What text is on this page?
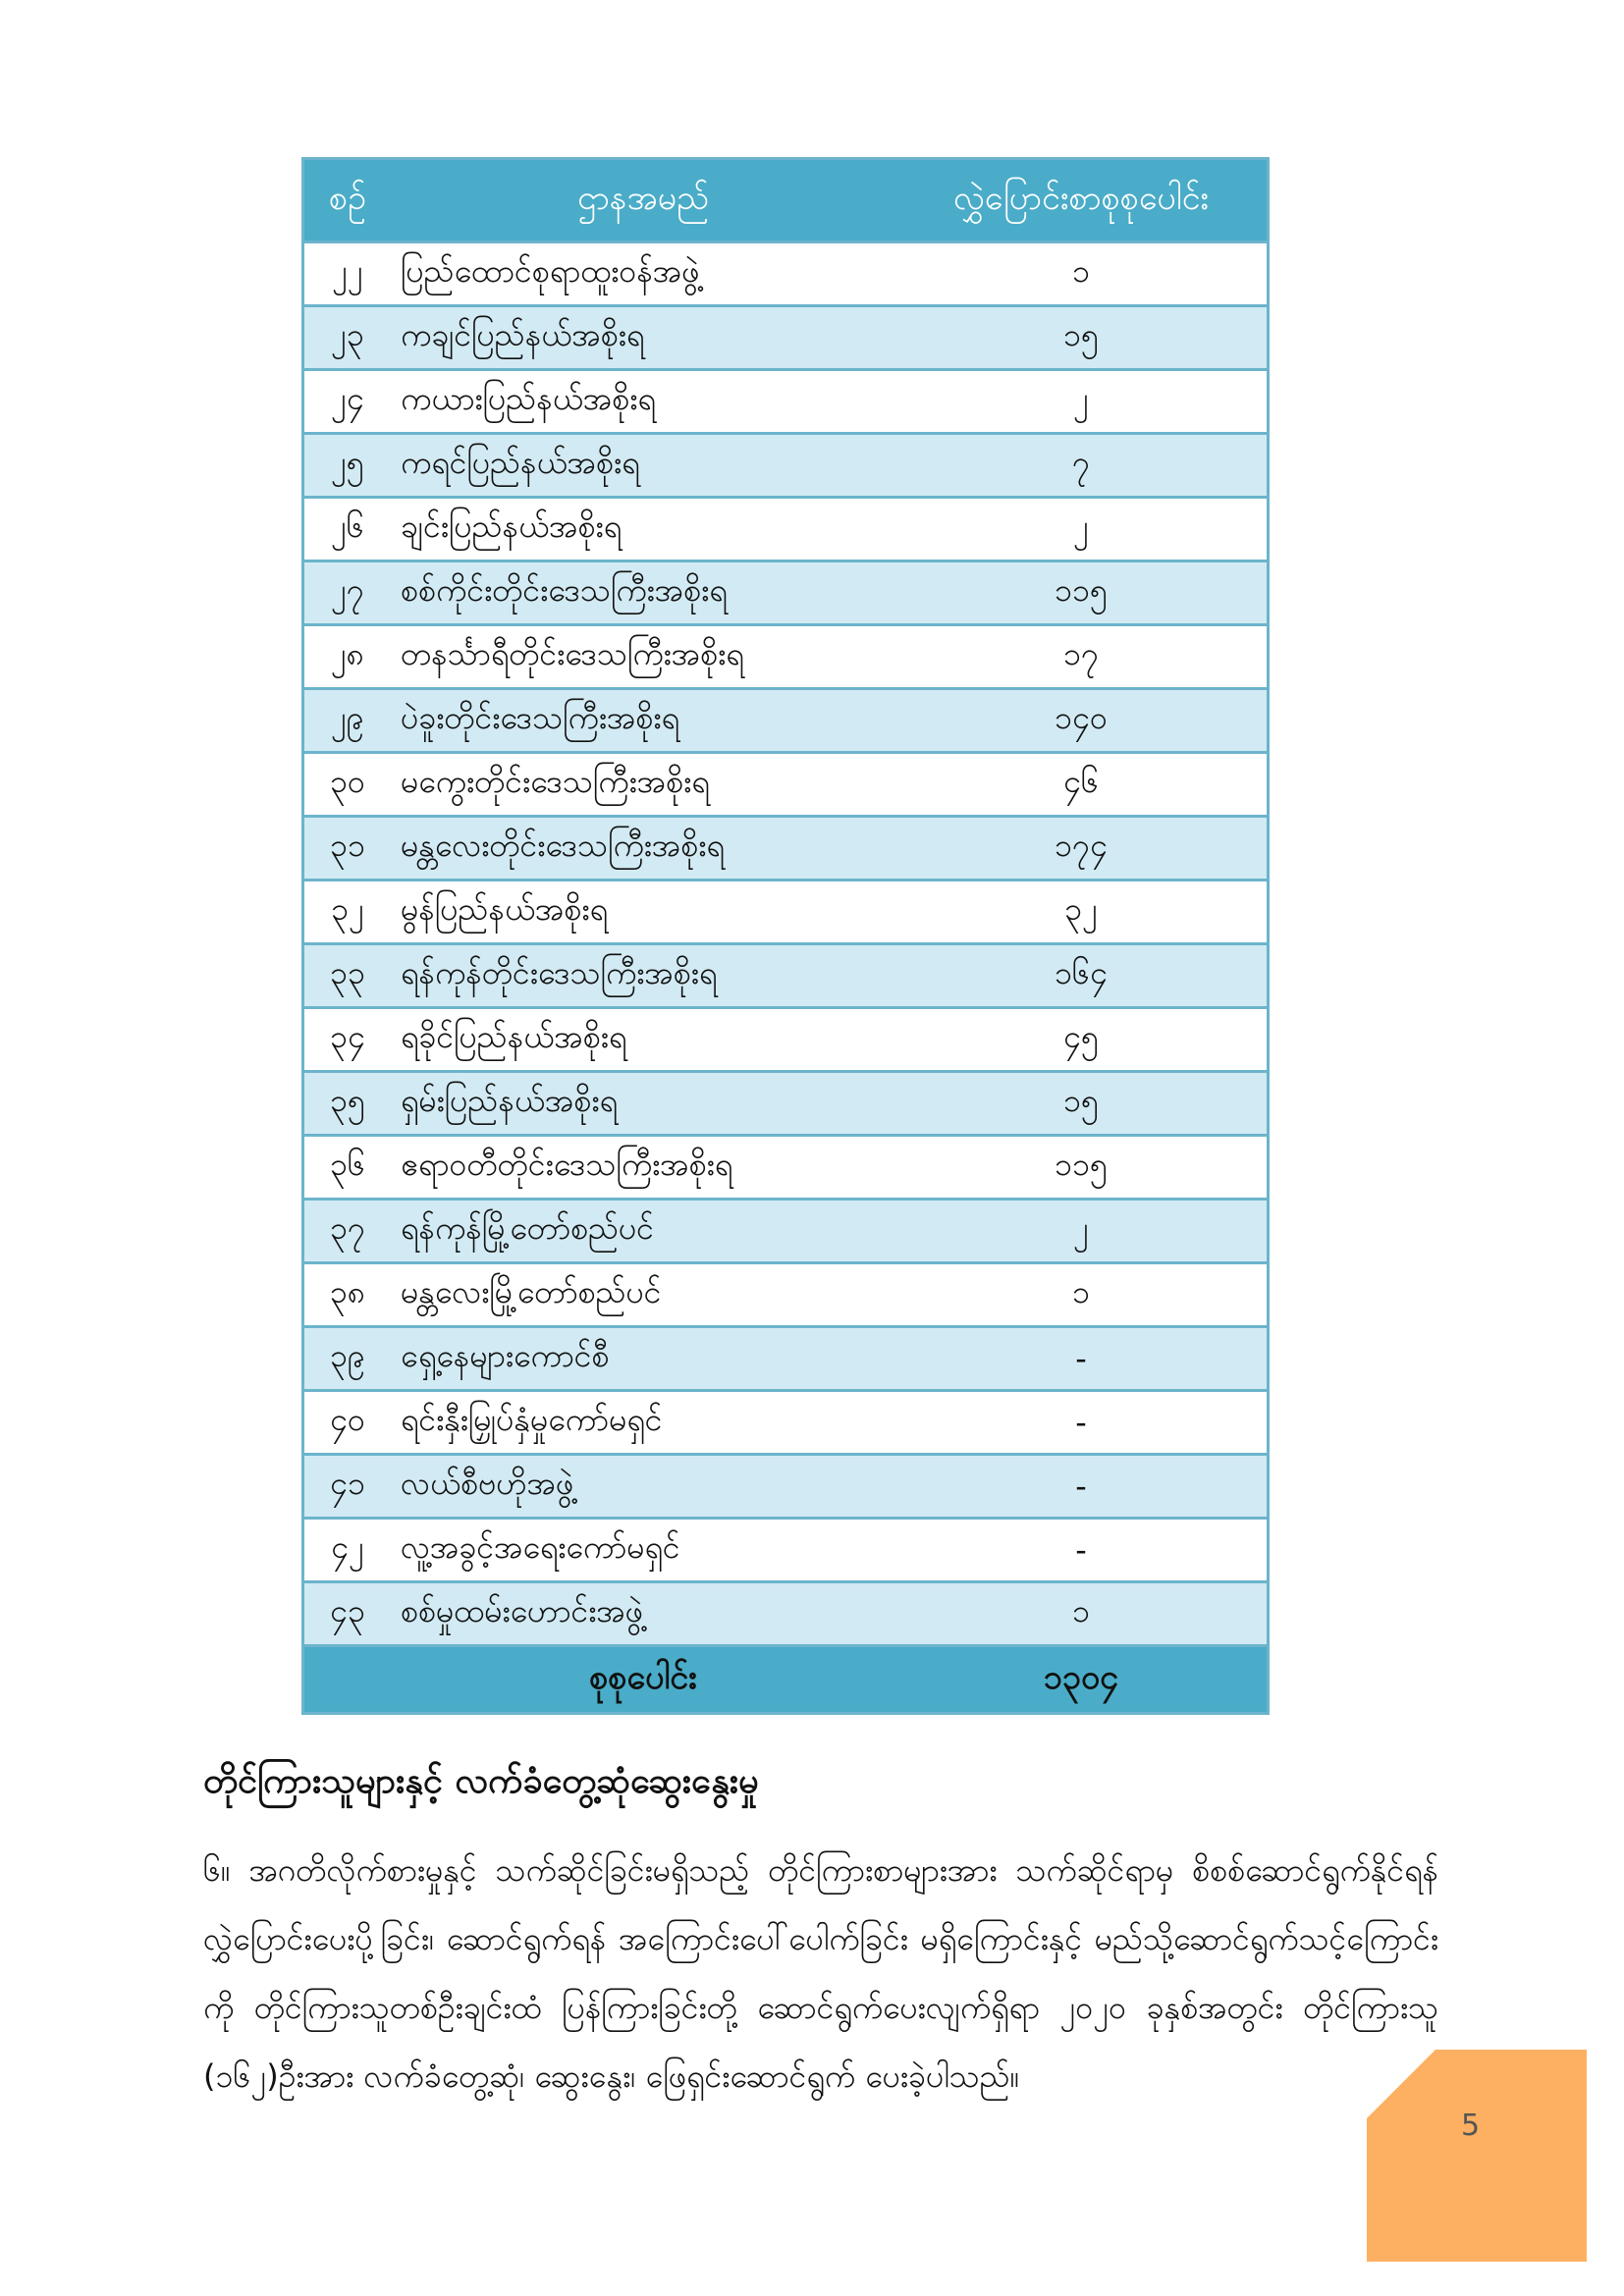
စဉ်	ဌာနအမည်	လွှဲပြောင်းစာစုစုပေါင်း
၂၂	ပြည်ထောင်စုရာထူးဝန်အဖွဲ့	၁
၂၃	ကချင်ပြည်နယ်အစိုးရ	၁၅
၂၄	ကယားပြည်နယ်အစိုးရ	၂
၂၅	ကရင်ပြည်နယ်အစိုးရ	၇
၂၆	ချင်းပြည်နယ်အစိုးရ	၂
၂၇	စစ်ကိုင်းတိုင်းဒေသကြီးအစိုးရ	၁၁၅
၂၈	တနင်္သာရီတိုင်းဒေသကြီးအစိုးရ	၁၇
၂၉	ပဲခူးတိုင်းဒေသကြီးအစိုးရ	၁၄၀
၃၀	မကွေးတိုင်းဒေသကြီးအစိုးရ	၄၆
၃၁	မန္တလေးတိုင်းဒေသကြီးအစိုးရ	၁၇၄
၃၂	မွန်ပြည်နယ်အစိုးရ	၃၂
၃၃	ရန်ကုန်တိုင်းဒေသကြီးအစိုးရ	၁၆၄
၃၄	ရခိုင်ပြည်နယ်အစိုးရ	၄၅
၃၅	ရှမ်းပြည်နယ်အစိုးရ	၁၅
၃၆	ဧရာဝတီတိုင်းဒေသကြီးအစိုးရ	၁၁၅
၃၇	ရန်ကုန်မြို့တော်စည်ပင်	၂
၃၈	မန္တလေးမြို့တော်စည်ပင်	၁
၃၉	ရှေ့နေများကောင်စီ	-
၄၀	ရင်းနှီးမြှုပ်နှံမှုကော်မရှင်	-
၄၁	လယ်စီဗဟိုအဖွဲ့	-
၄၂	လူ့အခွင့်အရေးကော်မရှင်	-
၄၃	စစ်မှုထမ်းဟောင်းအဖွဲ့	၁
	စုစုပေါင်း	၁၃၀၄
တိုင်ကြားသူများနှင့် လက်ခံတွေ့ဆုံဆွေးနွေးမှု

၆။ အဂတိလိုက်စားမှုနှင့် သက်ဆိုင်ခြင်းမရှိသည့် တိုင်ကြားစာများအား သက်ဆိုင်ရာမှ စိစစ်ဆောင်ရွက်နိုင်ရန် လွှဲပြောင်းပေးပို့ခြင်း၊ ဆောင်ရွက်ရန် အကြောင်းပေါ်ပေါက်ခြင်း မရှိကြောင်းနှင့် မည်သို့ဆောင်ရွက်သင့်ကြောင်းကို တိုင်ကြားသူတစ်ဦးချင်းထံ ပြန်ကြားခြင်းတို့ ဆောင်ရွက်ပေးလျက်ရှိရာ ၂၀၂၀ ခုနှစ်အတွင်း တိုင်ကြားသူ (၁၆၂)ဦးအား လက်ခံတွေ့ဆုံ၊ ဆွေးနွေး၊ ဖြေရှင်းဆောင်ရွက် ပေးခဲ့ပါသည်။

5
